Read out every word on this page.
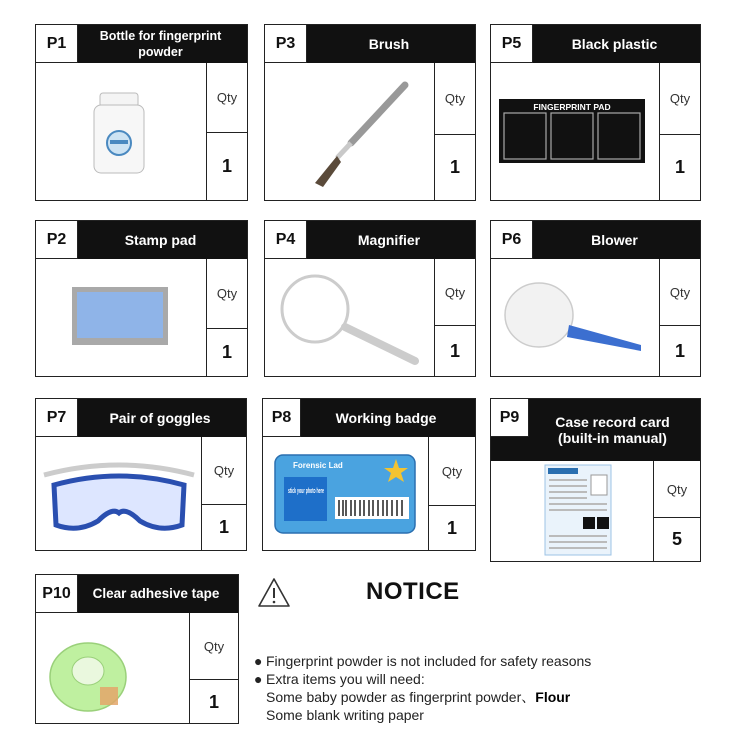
P1	Bottle for fingerprint powder
Qty
1
P3	Brush
Qty
1
P5	Black plastic
FINGERPRINT PAD
Qty
1
P2	Stamp pad
Qty
1
P4	Magnifier
Qty
1
P6	Blower
Qty
1
P7	Pair of goggles
Qty
1
P8	Working badge
Forensic Lad
stick your photo here
Qty
1
P9	Case record card
(built-in manual)
Qty
5
P10	Clear adhesive tape
Qty
1
NOTICE
● Fingerprint powder is not included for safety reasons
● Extra items you will need:
Some baby powder as fingerprint powder、Flour
Some blank writing paper
